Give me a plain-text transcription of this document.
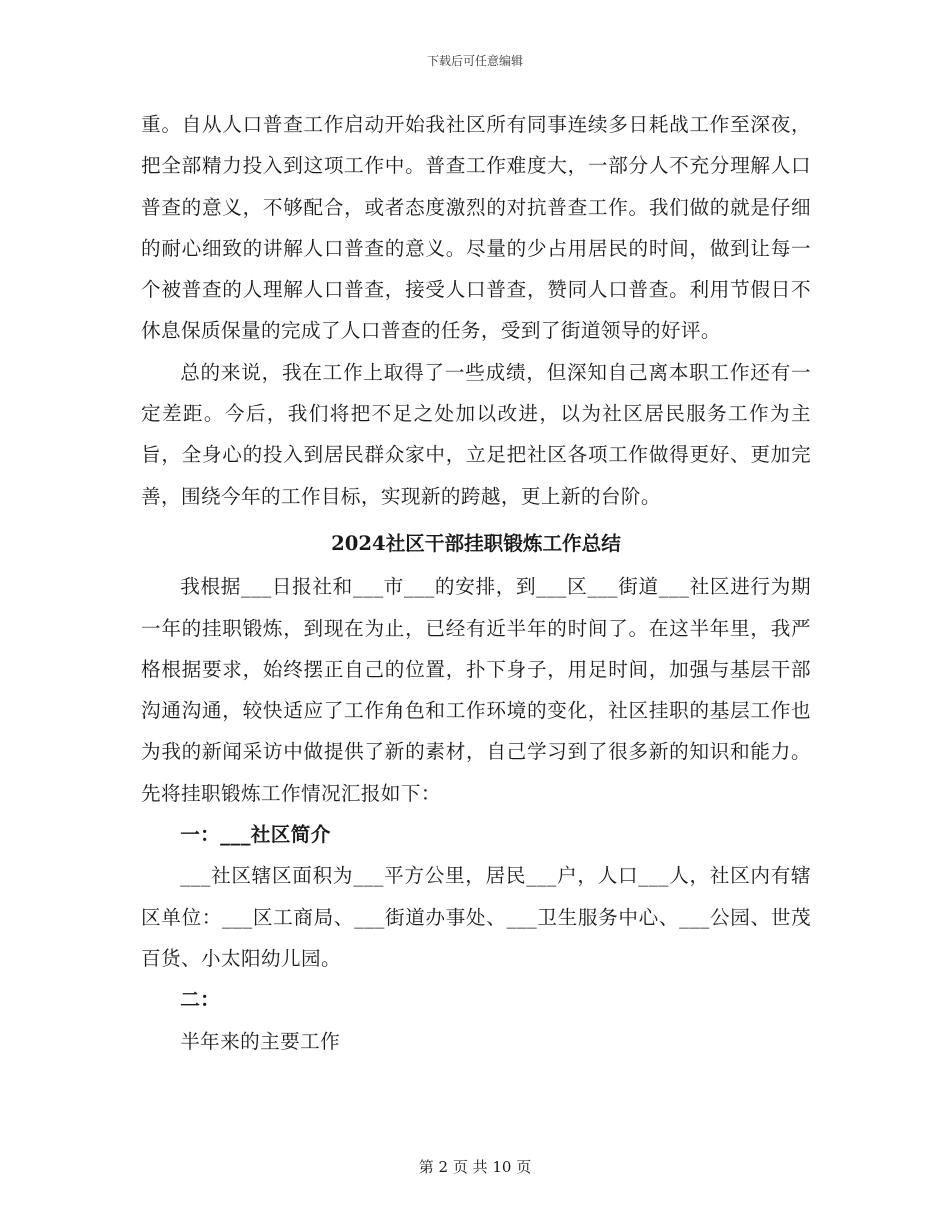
下载后可任意编辑

重。自从人口普查工作启动开始我社区所有同事连续多日耗战工作至深夜，把全部精力投入到这项工作中。普查工作难度大，一部分人不充分理解人口普查的意义，不够配合，或者态度激烈的对抗普查工作。我们做的就是仔细的耐心细致的讲解人口普查的意义。尽量的少占用居民的时间，做到让每一个被普查的人理解人口普查，接受人口普查，赞同人口普查。利用节假日不休息保质保量的完成了人口普查的任务，受到了街道领导的好评。

总的来说，我在工作上取得了一些成绩，但深知自己离本职工作还有一定差距。今后，我们将把不足之处加以改进，以为社区居民服务工作为主旨，全身心的投入到居民群众家中，立足把社区各项工作做得更好、更加完善，围绕今年的工作目标，实现新的跨越，更上新的台阶。

2024社区干部挂职锻炼工作总结

我根据___日报社和___市___的安排，到___区___街道___社区进行为期一年的挂职锻炼，到现在为止，已经有近半年的时间了。在这半年里，我严格根据要求，始终摆正自己的位置，扑下身子，用足时间，加强与基层干部沟通沟通，较快适应了工作角色和工作环境的变化，社区挂职的基层工作也为我的新闻采访中做提供了新的素材，自己学习到了很多新的知识和能力。先将挂职锻炼工作情况汇报如下：

一：___社区简介

___社区辖区面积为___平方公里，居民___户，人口___人，社区内有辖区单位：___区工商局、___街道办事处、___卫生服务中心、___公园、世茂百货、小太阳幼儿园。

二：

半年来的主要工作

第 2 页 共 10 页
